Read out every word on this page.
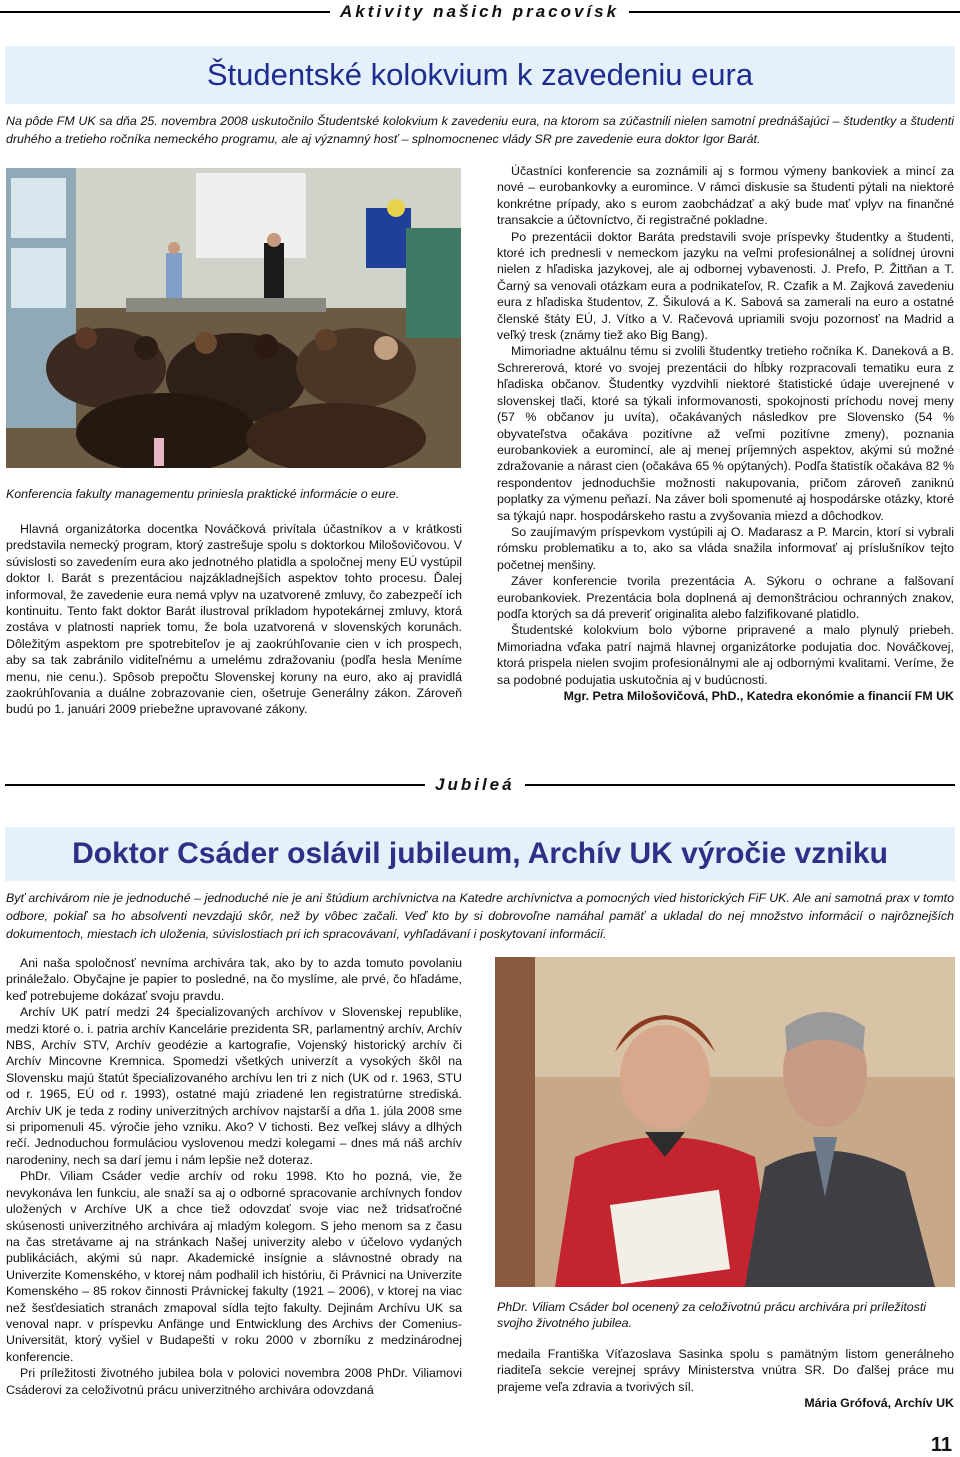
Aktivity našich pracovísk
Študentské kolokvium k zavedeniu eura
Na pôde FM UK sa dňa 25. novembra 2008 uskutočnilo Študentské kolokvium k zavedeniu eura, na ktorom sa zúčastnili nielen samotní prednášajúci – študentky a študenti druhého a tretieho ročníka nemeckého programu, ale aj významný hosť – splnomocnenec vlády SR pre zavedenie eura doktor Igor Barát.
Konferencia fakulty managementu priniesla praktické informácie o eure.

Hlavná organizátorka docentka Nováčková privítala účastníkov a v krátkosti predstavila nemecký program, ktorý zastrešuje spolu s doktorkou Milošovičovou. V súvislosti so zavedením eura ako jednotného platidla a spoločnej meny EÚ vystúpil doktor I. Barát s prezentáciou najzákladnejších aspektov tohto procesu. Ďalej informoval, že zavedenie eura nemá vplyv na uzatvorené zmluvy, čo zabezpečí ich kontinuitu. Tento fakt doktor Barát ilustroval príkladom hypotekárnej zmluvy, ktorá zostáva v platnosti napriek tomu, že bola uzatvorená v slovenských korunách. Dôležitým aspektom pre spotrebiteľov je aj zaokrúhľovanie cien v ich prospech, aby sa tak zabránilo viditeľnému a umelému zdražovaniu (podľa hesla Meníme menu, nie cenu.). Spôsob prepočtu Slovenskej koruny na euro, ako aj pravidlá zaokrúhľovania a duálne zobrazovanie cien, ošetruje Generálny zákon. Zároveň budú po 1. januári 2009 priebežne upravované zákony.

Účastníci konferencie sa zoznámili aj s formou výmeny bankoviek a mincí za nové – eurobankovky a euromince. V rámci diskusie sa študenti pýtali na niektoré konkrétne prípady, ako s eurom zaobchádzať a aký bude mať vplyv na finančné transakcie a účtovníctvo, či registračné pokladne.

Po prezentácii doktor Baráta predstavili svoje príspevky študentky a študenti, ktoré ich prednesli v nemeckom jazyku na veľmi profesionálnej a solídnej úrovni nielen z hľadiska jazykovej, ale aj odbornej vybavenosti. J. Prefo, P. Žittňan a T. Čarný sa venovali otázkam eura a podnikateľov, R. Czafik a M. Zajková zavedeniu eura z hľadiska študentov, Z. Šikulová a K. Sabová sa zamerali na euro a ostatné členské štáty EÚ, J. Vítko a V. Račevová upriamili svoju pozornosť na Madrid a veľký tresk (známy tiež ako Big Bang).

Mimoriadne aktuálnu tému si zvolili študentky tretieho ročníka K. Daneková a B. Schrererová, ktoré vo svojej prezentácii do hĺbky rozpracovali tematiku eura z hľadiska občanov. Študentky vyzdvihli niektoré štatistické údaje uverejnené v slovenskej tlači, ktoré sa týkali informovanosti, spokojnosti príchodu novej meny (57 % občanov ju uvíta), očakávaných následkov pre Slovensko (54 % obyvateľstva očakáva pozitívne až veľmi pozitívne zmeny), poznania eurobankoviek a euromincí, ale aj menej príjemných aspektov, akými sú možné zdražovanie a nárast cien (očakáva 65 % opýtaných). Podľa štatistík očakáva 82 % respondentov jednoduchšie možnosti nakupovania, pričom zároveň zaniknú poplatky za výmenu peňazí. Na záver boli spomenuté aj hospodárske otázky, ktoré sa týkajú napr. hospodárskeho rastu a zvyšovania miezd a dôchodkov.

So zaujímavým príspevkom vystúpili aj O. Madarasz a P. Marcin, ktorí si vybrali rómsku problematiku a to, ako sa vláda snažila informovať aj príslušníkov tejto početnej menšiny.

Záver konferencie tvorila prezentácia A. Sýkoru o ochrane a falšovaní eurobankoviek. Prezentácia bola doplnená aj demonštráciou ochranných znakov, podľa ktorých sa dá preveriť originalita alebo falzifikované platidlo.

Študentské kolokvium bolo výborne pripravené a malo plynulý priebeh. Mimoriadna vďaka patrí najmä hlavnej organizátorke podujatia doc. Nováčkovej, ktorá prispela nielen svojim profesionálnymi ale aj odbornými kvalitami. Veríme, že sa podobné podujatia uskutočnia aj v budúcnosti.

Mgr. Petra Milošovičová, PhD., Katedra ekonómie a financií FM UK

Jubileá
Doktor Csáder oslávil jubileum, Archív UK výročie vzniku
Byť archivárom nie je jednoduché – jednoduché nie je ani štúdium archívnictva na Katedre archívnictva a pomocných vied historických FiF UK. Ale ani samotná prax v tomto odbore, pokiaľ sa ho absolventi nevzdajú skôr, než by vôbec začali. Veď kto by si dobrovoľne namáhal pamäť a ukladal do nej množstvo informácií o najrôznejších dokumentoch, miestach ich uloženia, súvislostiach pri ich spracovávaní, vyhľadávaní i poskytovaní informácií.

Ani naša spoločnosť nevníma archivára tak, ako by to azda tomuto povolaniu prináležalo. Obyčajne je papier to posledné, na čo myslíme, ale prvé, čo hľadáme, keď potrebujeme dokázať svoju pravdu.

Archív UK patrí medzi 24 špecializovaných archívov v Slovenskej republike, medzi ktoré o. i. patria archív Kancelárie prezidenta SR, parlamentný archív, Archív NBS, Archív STV, Archív geodézie a kartografie, Vojenský historický archív či Archív Mincovne Kremnica. Spomedzi všetkých univerzít a vysokých škôl na Slovensku majú štatút špecializovaného archívu len tri z nich (UK od r. 1963, STU od r. 1965, EÚ od r. 1993), ostatné majú zriadené len registratúrne strediská. Archív UK je teda z rodiny univerzitných archívov najstarší a dňa 1. júla 2008 sme si pripomenuli 45. výročie jeho vzniku. Ako? V tichosti. Bez veľkej slávy a dlhých rečí. Jednoduchou formuláciou vyslovenou medzi kolegami – dnes má náš archív narodeniny, nech sa darí jemu i nám lepšie než doteraz.

PhDr. Viliam Csáder vedie archív od roku 1998. Kto ho pozná, vie, že nevykonáva len funkciu, ale snaží sa aj o odborné spracovanie archívnych fondov uložených v Archíve UK a chce tiež odovzdať svoje viac než tridsaťročné skúsenosti univerzitného archivára aj mladým kolegom. S jeho menom sa z času na čas stretávame aj na stránkach Našej univerzity alebo v účelovo vydaných publikáciách, akými sú napr. Akademické insígnie a slávnostné obrady na Univerzite Komenského, v ktorej nám podhalil ich históriu, či Právnici na Univerzite Komenského – 85 rokov činnosti Právnickej fakulty (1921 – 2006), v ktorej na viac než šesťdesiatich stranách zmapoval sídla tejto fakulty. Dejinám Archívu UK sa venoval napr. v príspevku Anfänge und Entwicklung des Archivs der Comenius-Universität, ktorý vyšiel v Budapešti v roku 2000 v zborníku z medzinárodnej konferencie.

Pri príležitosti životného jubilea bola v polovici novembra 2008 PhDr. Viliamovi Csáderovi za celoživotnú prácu univerzitného archivára odovzdaná

PhDr. Viliam Csáder bol ocenený za celoživotnú prácu archivára pri príležitosti svojho životného jubilea.

medaila Františka Víťazoslava Sasinka spolu s pamätným listom generálneho riaditeľa sekcie verejnej správy Ministerstva vnútra SR. Do ďalšej práce mu prajeme veľa zdravia a tvorivých síl.

Mária Grófová, Archív UK

11
